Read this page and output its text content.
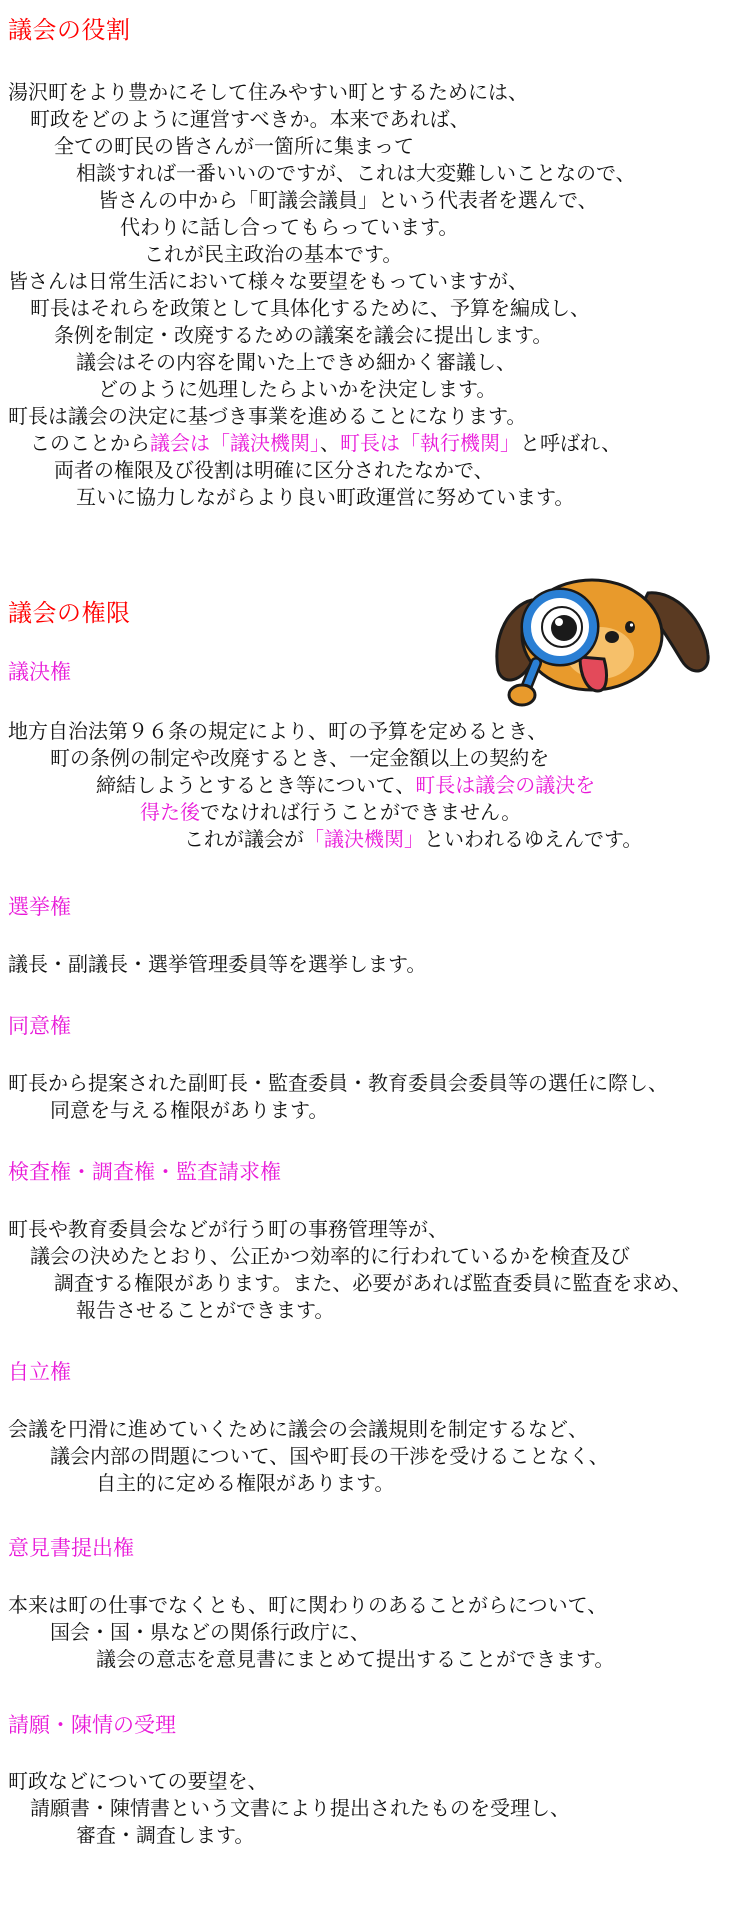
議会の役割
湯沢町をより豊かにそして住みやすい町とするためには、
町政をどのように運営すべきか。本来であれば、
全ての町民の皆さんが一箇所に集まって
相談すれば一番いいのですが、これは大変難しいことなので、
皆さんの中から「町議会議員」という代表者を選んで、
代わりに話し合ってもらっています。
これが民主政治の基本です。
皆さんは日常生活において様々な要望をもっていますが、
町長はそれらを政策として具体化するために、予算を編成し、
条例を制定・改廃するための議案を議会に提出します。
議会はその内容を聞いた上できめ細かく審議し、
どのように処理したらよいかを決定します。
町長は議会の決定に基づき事業を進めることになります。
このことから議会は「議決機関」、町長は「執行機関」と呼ばれ、
両者の権限及び役割は明確に区分されたなかで、
互いに協力しながらより良い町政運営に努めています。
議会の権限
議決権
地方自治法第９６条の規定により、町の予算を定めるとき、
町の条例の制定や改廃するとき、一定金額以上の契約を
締結しようとするとき等について、町長は議会の議決を
得た後でなければ行うことができません。
これが議会が「議決機関」といわれるゆえんです。
選挙権
議長・副議長・選挙管理委員等を選挙します。
同意権
町長から提案された副町長・監査委員・教育委員会委員等の選任に際し、
同意を与える権限があります。
検査権・調査権・監査請求権
町長や教育委員会などが行う町の事務管理等が、
議会の決めたとおり、公正かつ効率的に行われているかを検査及び
調査する権限があります。また、必要があれば監査委員に監査を求め、
報告させることができます。
自立権
会議を円滑に進めていくために議会の会議規則を制定するなど、
議会内部の問題について、国や町長の干渉を受けることなく、
自主的に定める権限があります。
意見書提出権
本来は町の仕事でなくとも、町に関わりのあることがらについて、
国会・国・県などの関係行政庁に、
議会の意志を意見書にまとめて提出することができます。
請願・陳情の受理
町政などについての要望を、
請願書・陳情書という文書により提出されたものを受理し、
審査・調査します。
